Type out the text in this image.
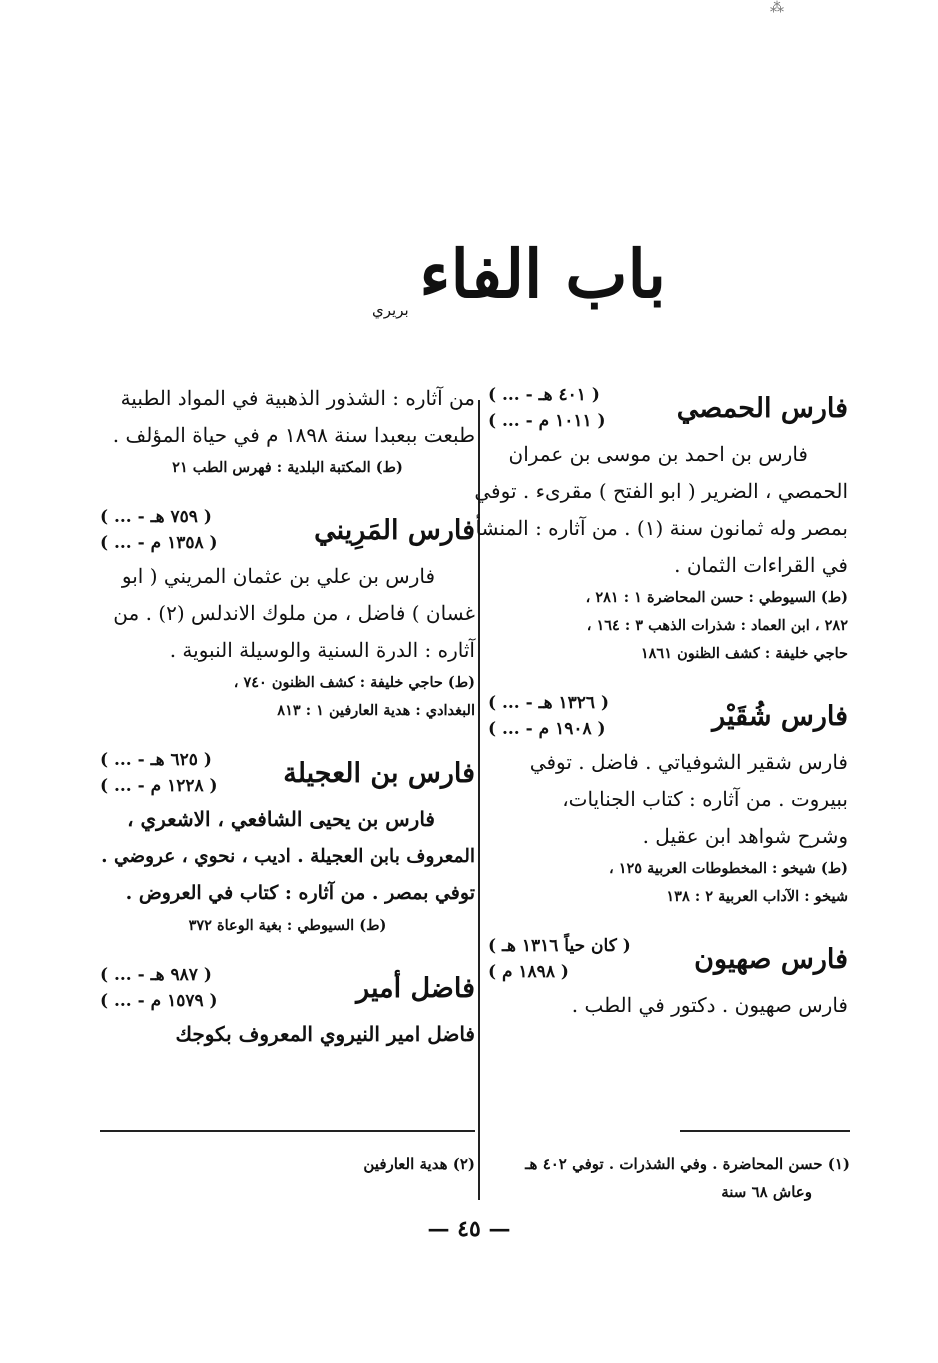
⁂
باب الفاء
بريري
فارس الحمصي
( ... - ٤٠١ هـ )
( ... - ١٠١١ م )
فارس بن احمد بن موسى بن عمران
الحمصي ، الضرير ( ابو الفتح ) مقرىء . توفي
بمصر وله ثمانون سنة (١) . من آثاره : المنشأ
في القراءات الثمان .
(ط) السيوطي : حسن المحاضرة ١ : ٢٨١ ،
٢٨٢ ، ابن العماد : شذرات الذهب ٣ : ١٦٤ ،
حاجي خليفة : كشف الظنون ١٨٦١
فارس شُقَيْر
( ... - ١٣٢٦ هـ )
( ... - ١٩٠٨ م )
فارس شقير الشوفياتي . فاضل . توفي
ببيروت . من آثاره : كتاب الجنايات،
وشرح شواهد ابن عقيل .
(ط) شيخو : المخطوطات العربية ١٢٥ ،
شيخو : الآداب العربية ٢ : ١٣٨
فارس صهيون
( كان حياً ١٣١٦ هـ )
( ١٨٩٨ م )
فارس صهيون . دكتور في الطب .
من آثاره : الشذور الذهبية في المواد الطبية
طبعت ببعبدا سنة ١٨٩٨ م في حياة المؤلف .
(ط) المكتبة البلدية : فهرس الطب ٢١
فارس المَرِيني
( ... - ٧٥٩ هـ )
( ... - ١٣٥٨ م )
فارس بن علي بن عثمان المريني ( ابو
غسان ) فاضل ، من ملوك الاندلس (٢) . من
آثاره : الدرة السنية والوسيلة النبوية .
(ط) حاجي خليفة : كشف الظنون ٧٤٠ ،
البغدادي : هدية العارفين ١ : ٨١٣
فارس بن العجيلة
( ... - ٦٢٥ هـ )
( ... - ١٢٢٨ م )
فارس بن يحيى الشافعي ، الاشعري ،
المعروف بابن العجيلة . اديب ، نحوي ، عروضي .
توفي بمصر . من آثاره : كتاب في العروض .
(ط) السيوطي : بغية الوعاة ٣٧٢
فاضل أمير
( ... - ٩٨٧ هـ )
( ... - ١٥٧٩ م )
فاضل امير النيروي المعروف بكوجك
(١) حسن المحاضرة . وفي الشذرات . توفي ٤٠٢ هـ
وعاش ٦٨ سنة
(٢) هدية العارفين
— ٤٥ —
